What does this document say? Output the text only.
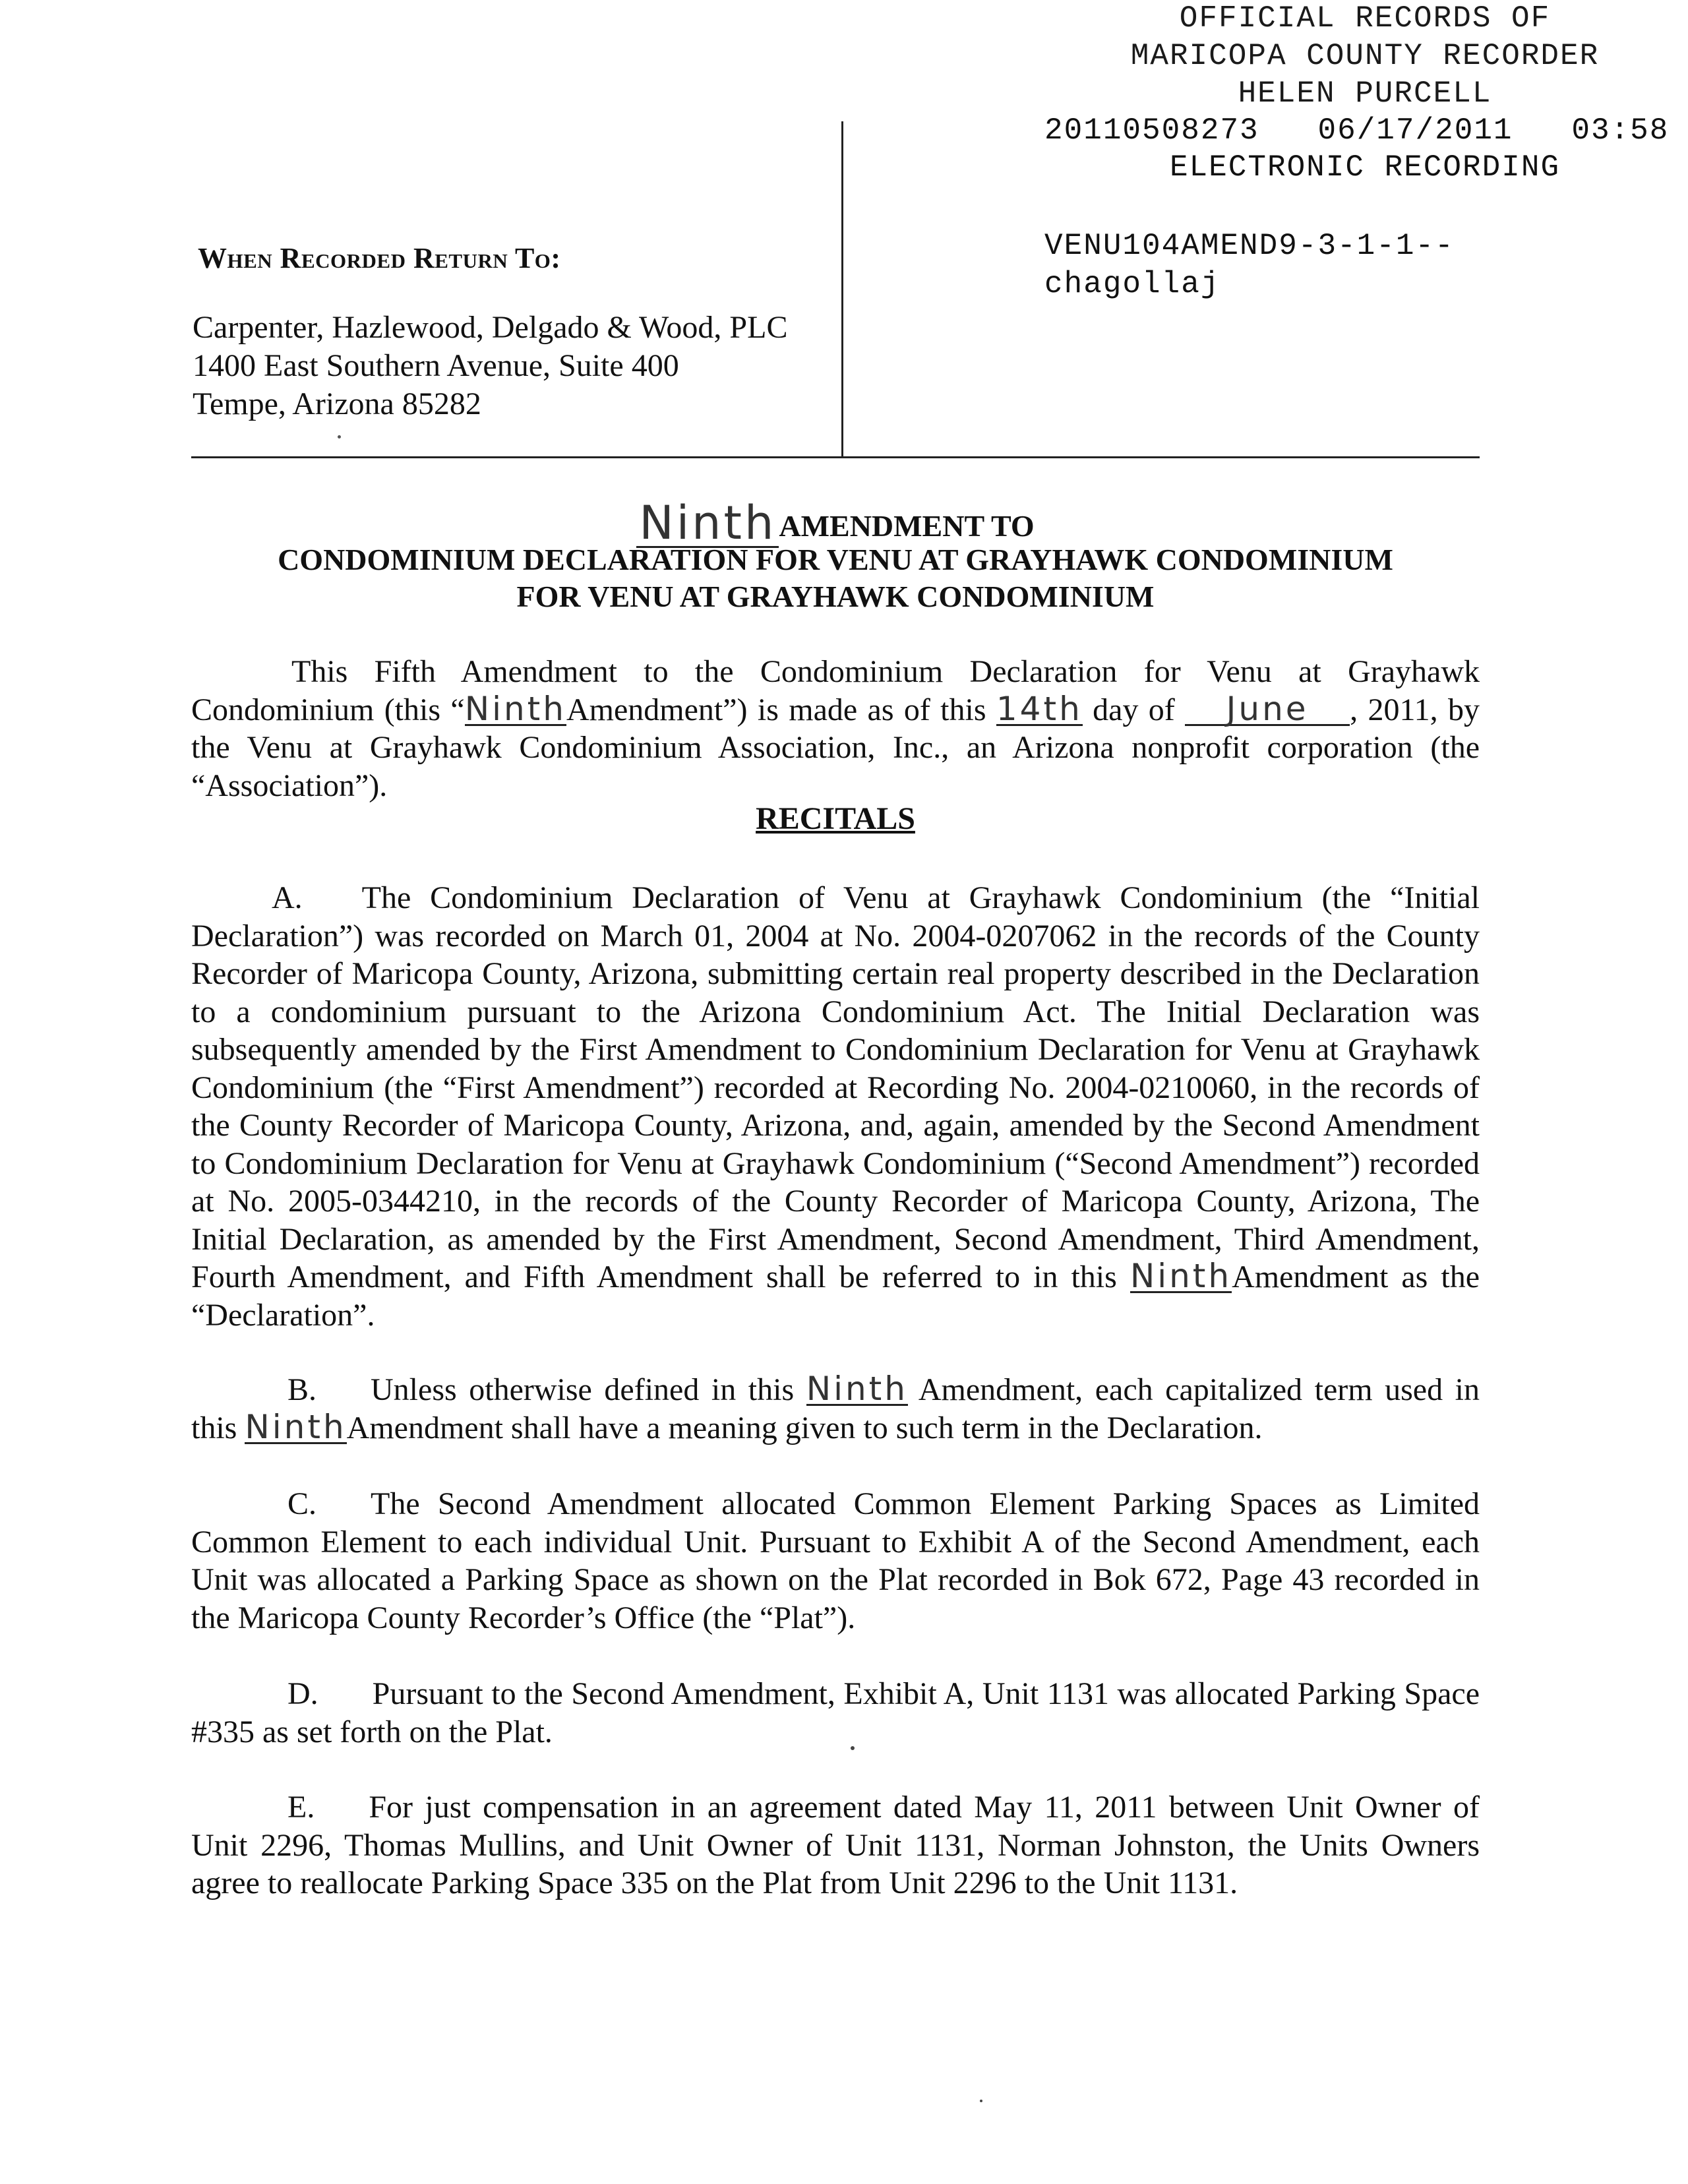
OFFICIAL RECORDS OF
MARICOPA COUNTY RECORDER
HELEN PURCELL
20110508273 06/17/2011 03:58
ELECTRONIC RECORDING
VENU104AMEND9-3-1-1--
chagollaj
When Recorded Return To:
Carpenter, Hazlewood, Delgado & Wood, PLC
1400 East Southern Avenue, Suite 400
Tempe, Arizona 85282
NinthAMENDMENT TO
CONDOMINIUM DECLARATION FOR VENU AT GRAYHAWK CONDOMINIUM
FOR VENU AT GRAYHAWK CONDOMINIUM
This Fifth Amendment to the Condominium Declaration for Venu at Grayhawk Condominium (this “NinthAmendment”) is made as of this 14th day of June , 2011, by the Venu at Grayhawk Condominium Association, Inc., an Arizona nonprofit corporation (the “Association”).
RECITALS
A. The Condominium Declaration of Venu at Grayhawk Condominium (the “Initial Declaration”) was recorded on March 01, 2004 at No. 2004-0207062 in the records of the County Recorder of Maricopa County, Arizona, submitting certain real property described in the Declaration to a condominium pursuant to the Arizona Condominium Act. The Initial Declaration was subsequently amended by the First Amendment to Condominium Declaration for Venu at Grayhawk Condominium (the “First Amendment”) recorded at Recording No. 2004-0210060, in the records of the County Recorder of Maricopa County, Arizona, and, again, amended by the Second Amendment to Condominium Declaration for Venu at Grayhawk Condominium (“Second Amendment”) recorded at No. 2005-0344210, in the records of the County Recorder of Maricopa County, Arizona, The Initial Declaration, as amended by the First Amendment, Second Amendment, Third Amendment, Fourth Amendment, and Fifth Amendment shall be referred to in this NinthAmendment as the “Declaration”.
B. Unless otherwise defined in this Ninth Amendment, each capitalized term used in this NinthAmendment shall have a meaning given to such term in the Declaration.
C. The Second Amendment allocated Common Element Parking Spaces as Limited Common Element to each individual Unit. Pursuant to Exhibit A of the Second Amendment, each Unit was allocated a Parking Space as shown on the Plat recorded in Bok 672, Page 43 recorded in the Maricopa County Recorder’s Office (the “Plat”).
D. Pursuant to the Second Amendment, Exhibit A, Unit 1131 was allocated Parking Space #335 as set forth on the Plat.
E. For just compensation in an agreement dated May 11, 2011 between Unit Owner of Unit 2296, Thomas Mullins, and Unit Owner of Unit 1131, Norman Johnston, the Units Owners agree to reallocate Parking Space 335 on the Plat from Unit 2296 to the Unit 1131.
